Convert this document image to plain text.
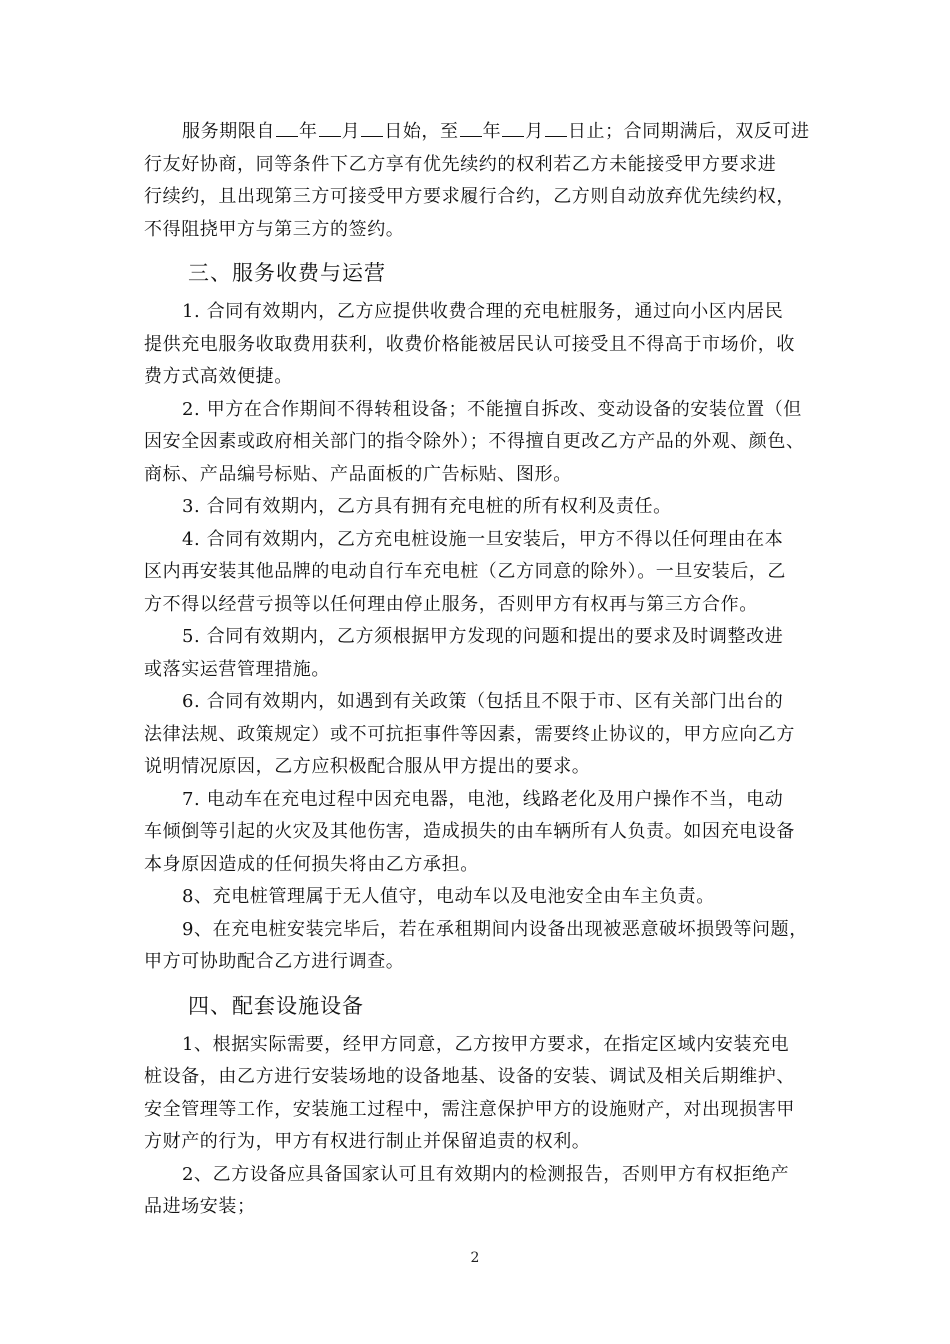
服务期限自 年 月 日始，至 年 月 日止；合同期满后，双反可进
行友好协商，同等条件下乙方享有优先续约的权利若乙方未能接受甲方要求进
行续约，且出现第三方可接受甲方要求履行合约，乙方则自动放弃优先续约权，
不得阻挠甲方与第三方的签约。

三、服务收费与运营

1. 合同有效期内，乙方应提供收费合理的充电桩服务，通过向小区内居民
提供充电服务收取费用获利，收费价格能被居民认可接受且不得高于市场价，收
费方式高效便捷。

2. 甲方在合作期间不得转租设备；不能擅自拆改、变动设备的安装位置（但
因安全因素或政府相关部门的指令除外）；不得擅自更改乙方产品的外观、颜色、
商标、产品编号标贴、产品面板的广告标贴、图形。

3. 合同有效期内，乙方具有拥有充电桩的所有权利及责任。

4. 合同有效期内，乙方充电桩设施一旦安装后，甲方不得以任何理由在本
区内再安装其他品牌的电动自行车充电桩（乙方同意的除外）。一旦安装后，乙
方不得以经营亏损等以任何理由停止服务，否则甲方有权再与第三方合作。

5. 合同有效期内，乙方须根据甲方发现的问题和提出的要求及时调整改进
或落实运营管理措施。

6. 合同有效期内，如遇到有关政策（包括且不限于市、区有关部门出台的
法律法规、政策规定）或不可抗拒事件等因素，需要终止协议的，甲方应向乙方
说明情况原因，乙方应积极配合服从甲方提出的要求。

7. 电动车在充电过程中因充电器，电池，线路老化及用户操作不当，电动
车倾倒等引起的火灾及其他伤害，造成损失的由车辆所有人负责。如因充电设备
本身原因造成的任何损失将由乙方承担。

8、充电桩管理属于无人值守，电动车以及电池安全由车主负责。

9、在充电桩安装完毕后，若在承租期间内设备出现被恶意破坏损毁等问题，
甲方可协助配合乙方进行调查。

四、配套设施设备

1、根据实际需要，经甲方同意，乙方按甲方要求，在指定区域内安装充电
桩设备，由乙方进行安装场地的设备地基、设备的安装、调试及相关后期维护、
安全管理等工作，安装施工过程中，需注意保护甲方的设施财产，对出现损害甲
方财产的行为，甲方有权进行制止并保留追责的权利。

2、乙方设备应具备国家认可且有效期内的检测报告，否则甲方有权拒绝产
品进场安装；

2
